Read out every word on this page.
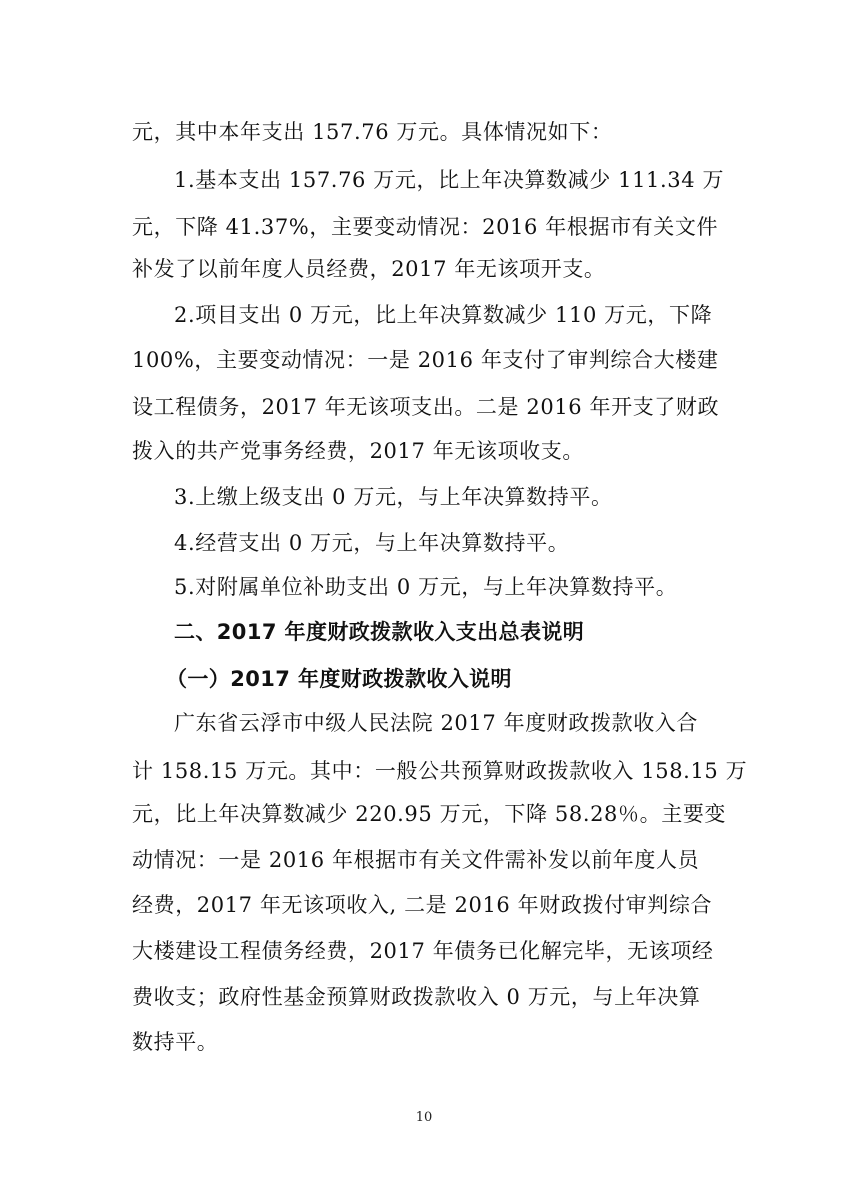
元，其中本年支出 157.76 万元。具体情况如下：
1.基本支出 157.76 万元，比上年决算数减少 111.34 万
元，下降 41.37%，主要变动情况：2016 年根据市有关文件
补发了以前年度人员经费，2017 年无该项开支。
2.项目支出 0 万元，比上年决算数减少 110 万元，下降
100%，主要变动情况：一是 2016 年支付了审判综合大楼建
设工程债务，2017 年无该项支出。二是 2016 年开支了财政
拨入的共产党事务经费，2017 年无该项收支。
3.上缴上级支出 0 万元，与上年决算数持平。
4.经营支出 0 万元，与上年决算数持平。
5.对附属单位补助支出 0 万元，与上年决算数持平。
二、2017 年度财政拨款收入支出总表说明
（一）2017 年度财政拨款收入说明
广东省云浮市中级人民法院 2017 年度财政拨款收入合
计 158.15 万元。其中：一般公共预算财政拨款收入 158.15 万
元，比上年决算数减少 220.95 万元，下降 58.28％。主要变
动情况：一是 2016 年根据市有关文件需补发以前年度人员
经费，2017 年无该项收入, 二是 2016 年财政拨付审判综合
大楼建设工程债务经费，2017 年债务已化解完毕，无该项经
费收支；政府性基金预算财政拨款收入 0 万元，与上年决算
数持平。
10
